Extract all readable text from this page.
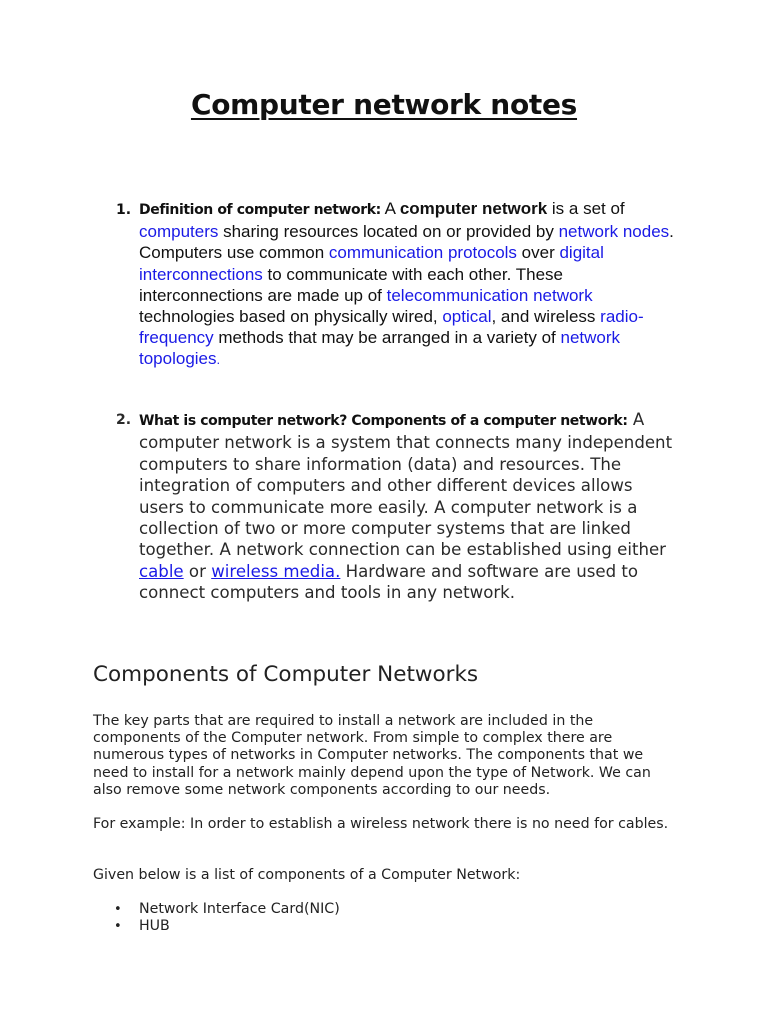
Computer network notes
1. Definition of computer network: A computer network is a set of computers sharing resources located on or provided by network nodes. Computers use common communication protocols over digital interconnections to communicate with each other. These interconnections are made up of telecommunication network technologies based on physically wired, optical, and wireless radio-frequency methods that may be arranged in a variety of network topologies.
2. What is computer network? Components of a computer network: A computer network is a system that connects many independent computers to share information (data) and resources. The integration of computers and other different devices allows users to communicate more easily. A computer network is a collection of two or more computer systems that are linked together. A network connection can be established using either cable or wireless media. Hardware and software are used to connect computers and tools in any network.
Components of Computer Networks

The key parts that are required to install a network are included in the components of the Computer network. From simple to complex there are numerous types of networks in Computer networks. The components that we need to install for a network mainly depend upon the type of Network. We can also remove some network components according to our needs.

For example: In order to establish a wireless network there is no need for cables.

Given below is a list of components of a Computer Network:

• Network Interface Card(NIC)
• HUB
